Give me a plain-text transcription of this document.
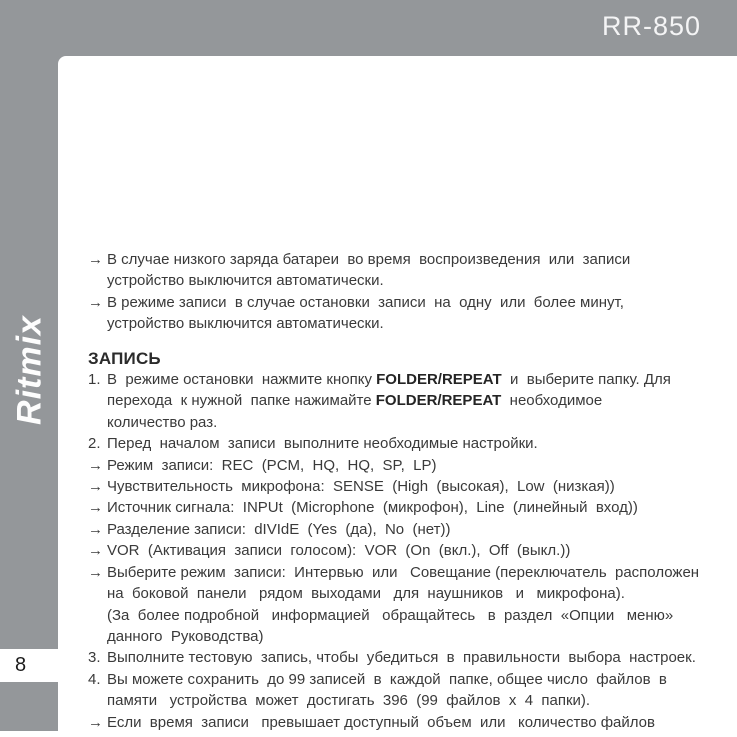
RR-850
Ritmix
8
→ В случае низкого заряда батареи  во время  воспроизведения  или  записи
устройство выключится автоматически.
→ В режиме записи  в случае остановки  записи  на  одну  или  более минут,
устройство выключится автоматически.
ЗАПИСЬ
1. В  режиме остановки  нажмите кнопку FOLDER/REPEAT  и  выберите папку. Для
перехода  к нужной  папке нажимайте FOLDER/REPEAT  необходимое
количество раз.
2. Перед  началом  записи  выполните необходимые настройки.
→ Режим  записи:  REC  (PCM,  HQ,  HQ,  SP,  LP)
→ Чувствительность  микрофона:  SENSE  (High  (высокая),  Low  (низкая))
→ Источник сигнала:  INPUt  (Microphone  (микрофон),  Line  (линейный  вход))
→ Разделение записи:  dIVIdE  (Yes  (да),  No  (нет))
→ VOR  (Активация  записи  голосом):  VOR  (On  (вкл.),  Off  (выкл.))
→ Выберите режим  записи:  Интервью  или   Совещание (переключатель  расположен
на  боковой  панели   рядом  выходами   для  наушников   и   микрофона).
(За  более подробной   информацией   обращайтесь   в  раздел  «Опции   меню»
данного  Руководства)
3. Выполните тестовую  запись, чтобы  убедиться  в  правильности  выбора  настроек.
4. Вы можете сохранить  до 99 записей  в  каждой  папке, общее число  файлов  в
памяти   устройства  может  достигать  396  (99  файлов  х  4  папки).
→ Если  время  записи   превышает доступный  объем  или   количество файлов
